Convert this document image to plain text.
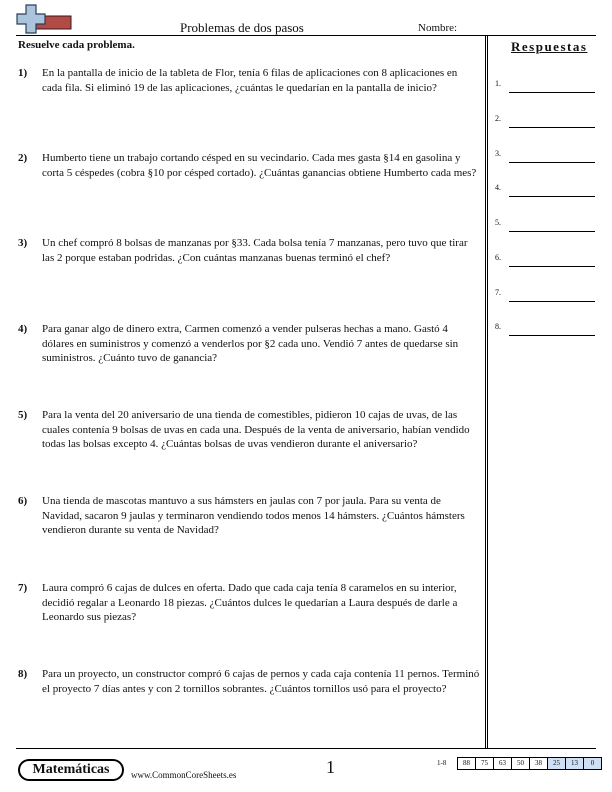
Problemas de dos pasos	Nombre:
Resuelve cada problema.	Respuestas
1) En la pantalla de inicio de la tableta de Flor, tenía 6 filas de aplicaciones con 8 aplicaciones en cada fila. Si eliminó 19 de las aplicaciones, ¿cuántas le quedarían en la pantalla de inicio?
2) Humberto tiene un trabajo cortando césped en su vecindario. Cada mes gasta §14 en gasolina y corta 5 céspedes (cobra §10 por césped cortado). ¿Cuántas ganancias obtiene Humberto cada mes?
3) Un chef compró 8 bolsas de manzanas por §33. Cada bolsa tenía 7 manzanas, pero tuvo que tirar las 2 porque estaban podridas. ¿Con cuántas manzanas buenas terminó el chef?
4) Para ganar algo de dinero extra, Carmen comenzó a vender pulseras hechas a mano. Gastó 4 dólares en suministros y comenzó a venderlos por §2 cada uno. Vendió 7 antes de quedarse sin suministros. ¿Cuánto tuvo de ganancia?
5) Para la venta del 20 aniversario de una tienda de comestibles, pidieron 10 cajas de uvas, de las cuales contenía 9 bolsas de uvas en cada una. Después de la venta de aniversario, habían vendido todas las bolsas excepto 4. ¿Cuántas bolsas de uvas vendieron durante el aniversario?
6) Una tienda de mascotas mantuvo a sus hámsters en jaulas con 7 por jaula. Para su venta de Navidad, sacaron 9 jaulas y terminaron vendiendo todos menos 14 hámsters. ¿Cuántos hámsters vendieron durante su venta de Navidad?
7) Laura compró 6 cajas de dulces en oferta. Dado que cada caja tenía 8 caramelos en su interior, decidió regalar a Leonardo 18 piezas. ¿Cuántos dulces le quedarían a Laura después de darle a Leonardo sus piezas?
8) Para un proyecto, un constructor compró 6 cajas de pernos y cada caja contenía 11 pernos. Terminó el proyecto 7 días antes y con 2 tornillos sobrantes. ¿Cuántos tornillos usó para el proyecto?
1.
2.
3.
4.
5.
6.
7.
8.
Matemáticas	www.CommonCoreSheets.es	1	1-8	88	75	63	50	38	25	13	0
